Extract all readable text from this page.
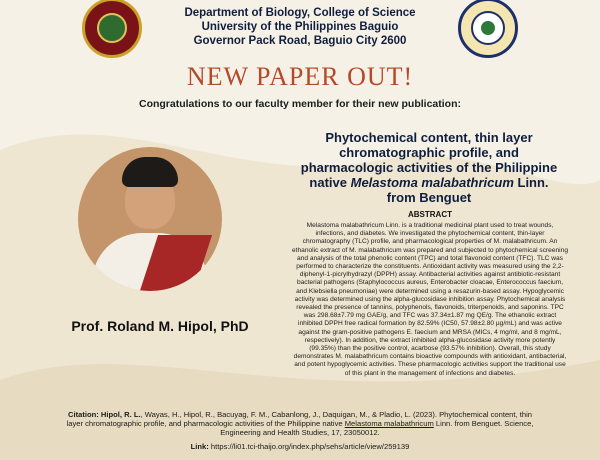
Department of Biology, College of Science
University of the Philippines Baguio
Governor Pack Road, Baguio City 2600
NEW PAPER OUT!
Congratulations to our faculty member for their new publication:
Prof. Roland M. Hipol, PhD
Phytochemical content, thin layer chromatographic profile, and pharmacologic activities of the Philippine native Melastoma malabathricum Linn. from Benguet
ABSTRACT
Melastoma malabathricum Linn. is a traditional medicinal plant used to treat wounds, infections, and diabetes. We investigated the phytochemical content, thin-layer chromatography (TLC) profile, and pharmacological properties of M. malabathricum. An ethanolic extract of M. malabathricum was prepared and subjected to phytochemical screening and analysis of the total phenolic content (TPC) and total flavonoid content (TFC). TLC was performed to characterize the constituents. Antioxidant activity was measured using the 2,2-diphenyl-1-picrylhydrazyl (DPPH) assay. Antibacterial activities against antibiotic-resistant bacterial pathogens (Staphylococcus aureus, Enterobacter cloacae, Enterococcus faecium, and Klebsiella pneumoniae) were determined using a resazurin-based assay. Hypoglycemic activity was determined using the alpha-glucosidase inhibition assay. Phytochemical analysis revealed the presence of tannins, polyphenols, flavonoids, triterpenoids, and saponins. TPC was 298.68±7.79 mg GAE/g, and TFC was 37.34±1.87 mg QE/g. The ethanolic extract inhibited DPPH free radical formation by 82.59% (IC50, 57.98±2.80 µg/mL) and was active against the gram-positive pathogens E. faecium and MRSA (MICs, 4 mg/ml, and 8 mg/mL, respectively). In addition, the extract inhibited alpha-glucosidase activity more potently (99.35%) than the positive control, acarbose (93.57% inhibition). Overall, this study demonstrates M. malabathricum contains bioactive compounds with antioxidant, antibacterial, and potent hypoglycemic activities. These pharmacologic activities support the traditional use of this plant in the management of infections and diabetes.
Citation: Hipol, R. L., Wayas, H., Hipol, R., Bacuyag, F. M., Cabanlong, J., Daquigan, M., & Pladio, L. (2023). Phytochemical content, thin layer chromatographic profile, and pharmacologic activities of the Philippine native Melastoma malabathricum Linn. from Benguet. Science, Engineering and Health Studies, 17, 23050012.
Link: https://li01.tci-thaijo.org/index.php/sehs/article/view/259139
